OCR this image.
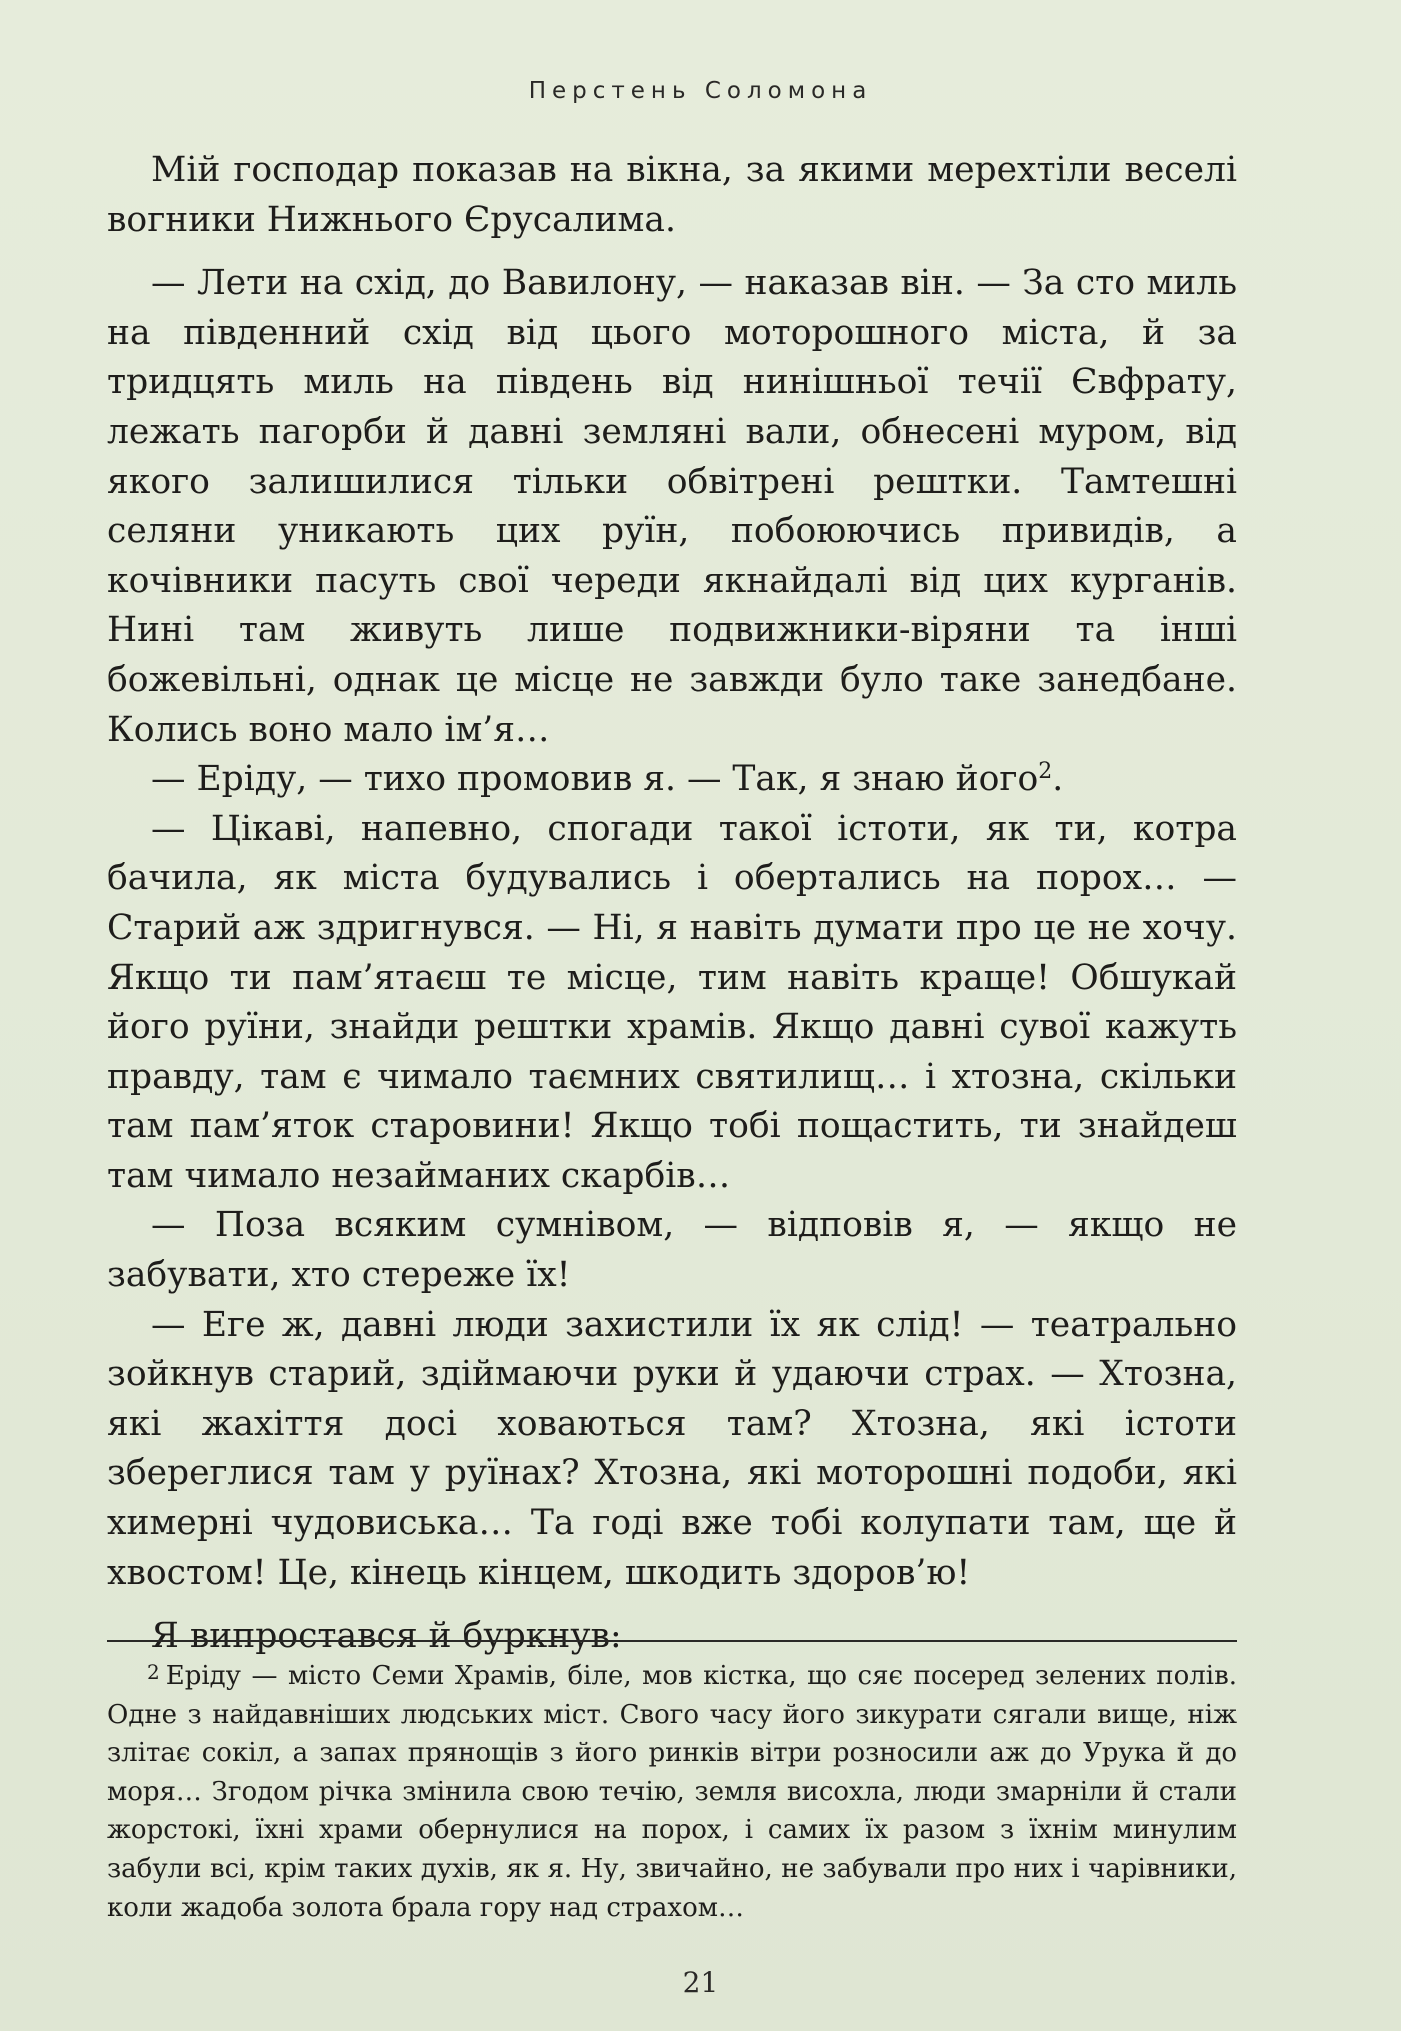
Перстень Соломона

Мій господар показав на вікна, за якими мерехтіли веселі вогники Нижнього Єрусалима.

— Лети на схід, до Вавилону, — наказав він. — За сто миль на південний схід від цього моторошного міста, й за тридцять миль на південь від нинішньої течії Євфрату, лежать пагорби й давні земляні вали, обнесені муром, від якого залишилися тільки обвітрені рештки. Тамтешні селяни уникають цих руїн, побоюючись привидів, а кочівники пасуть свої череди якнайдалі від цих курганів. Нині там живуть лише подвижники-віряни та інші божевільні, однак це місце не завжди було таке занедбане. Колись воно мало ім’я…

— Еріду, — тихо промовив я. — Так, я знаю його$^2$.

— Цікаві, напевно, спогади такої істоти, як ти, котра бачила, як міста будувались і обертались на порох… — Старий аж здригнувся. — Ні, я навіть думати про це не хочу. Якщо ти пам’ятаєш те місце, тим навіть краще! Обшукай його руїни, знайди рештки храмів. Якщо давні сувої кажуть правду, там є чимало таємних святилищ… і хтозна, скільки там пам’яток старовини! Якщо тобі пощастить, ти знайдеш там чимало незайманих скарбів…

— Поза всяким сумнівом, — відповів я, — якщо не забувати, хто стереже їх!

— Еге ж, давні люди захистили їх як слід! — театрально зойкнув старий, здіймаючи руки й удаючи страх. — Хтозна, які жахіття досі ховаються там? Хтозна, які істоти збереглися там у руїнах? Хтозна, які моторошні подоби, які химерні чудовиська… Та годі вже тобі колупати там, ще й хвостом! Це, кінець кінцем, шкодить здоров’ю!

Я випростався й буркнув:

2 Еріду — місто Семи Храмів, біле, мов кістка, що сяє посеред зелених полів. Одне з найдавніших людських міст. Свого часу його зикурати сягали вище, ніж злітає сокіл, а запах прянощів з його ринків вітри розносили аж до Урука й до моря… Згодом річка змінила свою течію, земля висохла, люди змарніли й стали жорстокі, їхні храми обернулися на порох, і самих їх разом з їхнім минулим забули всі, крім таких духів, як я. Ну, звичайно, не забували про них і чарівники, коли жадоба золота брала гору над страхом…

21
